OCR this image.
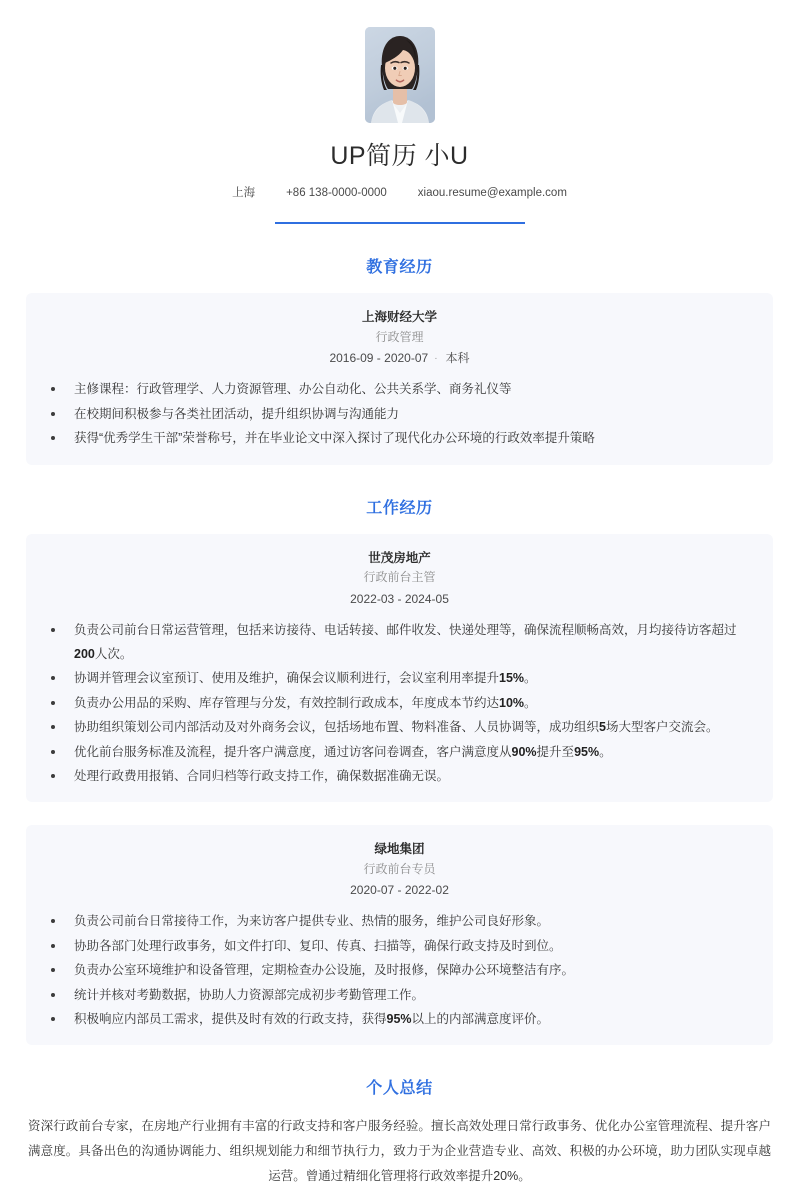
UP简历 小U
上海	+86 138-0000-0000	xiaou.resume@example.com
教育经历
上海财经大学
行政管理
2016-09 - 2020-07 · 本科
主修课程：行政管理学、人力资源管理、办公自动化、公共关系学、商务礼仪等
在校期间积极参与各类社团活动，提升组织协调与沟通能力
获得“优秀学生干部”荣誉称号，并在毕业论文中深入探讨了现代化办公环境的行政效率提升策略
工作经历
世茂房地产
行政前台主管
2022-03 - 2024-05
负责公司前台日常运营管理，包括来访接待、电话转接、邮件收发、快递处理等，确保流程顺畅高效，月均接待访客超过200人次。
协调并管理会议室预订、使用及维护，确保会议顺利进行，会议室利用率提升15%。
负责办公用品的采购、库存管理与分发，有效控制行政成本，年度成本节约达10%。
协助组织策划公司内部活动及对外商务会议，包括场地布置、物料准备、人员协调等，成功组织5场大型客户交流会。
优化前台服务标准及流程，提升客户满意度，通过访客问卷调查，客户满意度从90%提升至95%。
处理行政费用报销、合同归档等行政支持工作，确保数据准确无误。
绿地集团
行政前台专员
2020-07 - 2022-02
负责公司前台日常接待工作，为来访客户提供专业、热情的服务，维护公司良好形象。
协助各部门处理行政事务，如文件打印、复印、传真、扫描等，确保行政支持及时到位。
负责办公室环境维护和设备管理，定期检查办公设施，及时报修，保障办公环境整洁有序。
统计并核对考勤数据，协助人力资源部完成初步考勤管理工作。
积极响应内部员工需求，提供及时有效的行政支持，获得95%以上的内部满意度评价。
个人总结
资深行政前台专家，在房地产行业拥有丰富的行政支持和客户服务经验。擅长高效处理日常行政事务、优化办公室管理流程、提升客户满意度。具备出色的沟通协调能力、组织规划能力和细节执行力，致力于为企业营造专业、高效、积极的办公环境，助力团队实现卓越运营。曾通过精细化管理将行政效率提升20%。
